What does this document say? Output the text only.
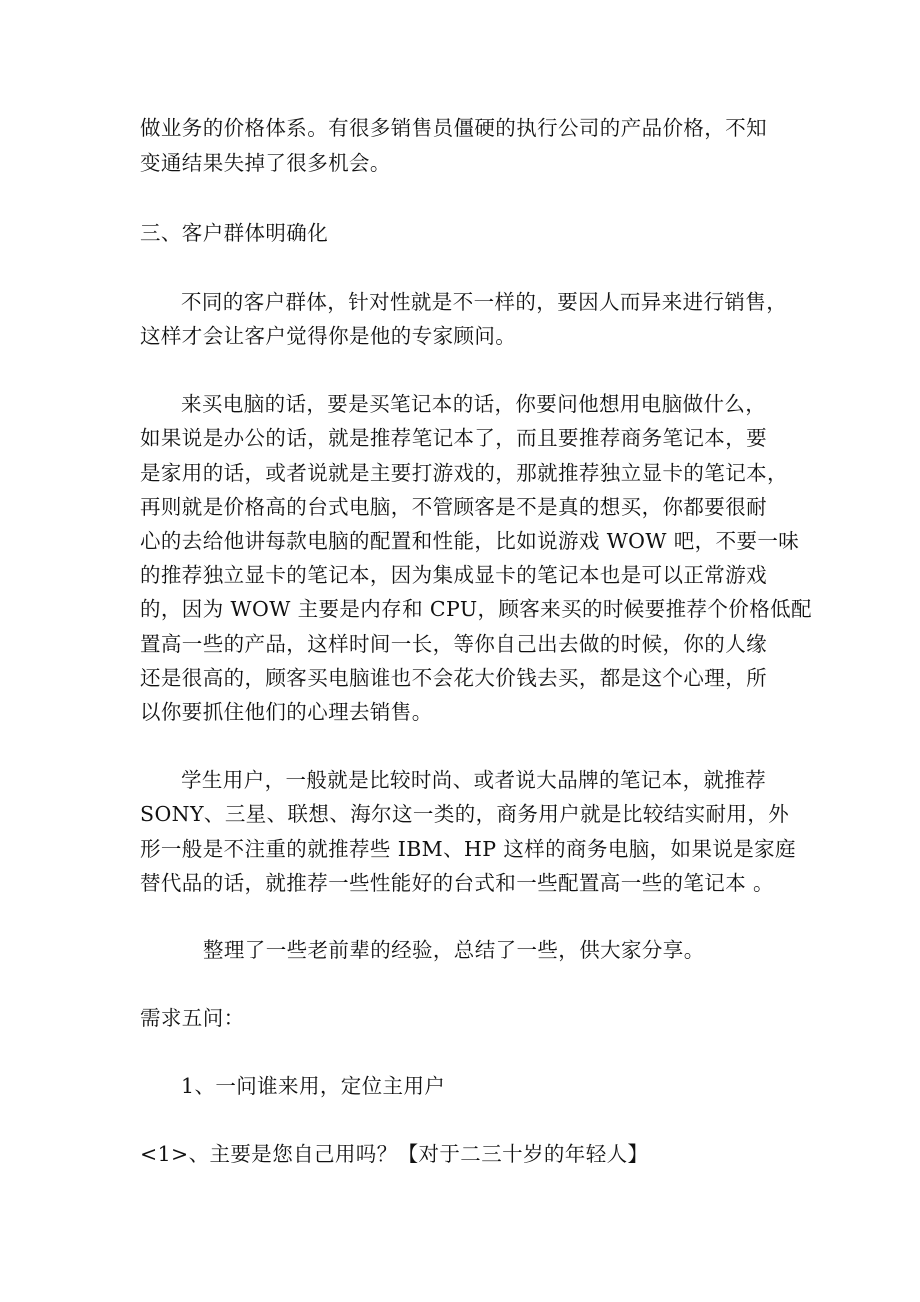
做业务的价格体系。有很多销售员僵硬的执行公司的产品价格，不知
变通结果失掉了很多机会。
三、客户群体明确化
不同的客户群体，针对性就是不一样的，要因人而异来进行销售，
这样才会让客户觉得你是他的专家顾问。
来买电脑的话，要是买笔记本的话，你要问他想用电脑做什么，
如果说是办公的话，就是推荐笔记本了，而且要推荐商务笔记本，要
是家用的话，或者说就是主要打游戏的，那就推荐独立显卡的笔记本，
再则就是价格高的台式电脑，不管顾客是不是真的想买，你都要很耐
心的去给他讲每款电脑的配置和性能，比如说游戏 WOW 吧，不要一味
的推荐独立显卡的笔记本，因为集成显卡的笔记本也是可以正常游戏
的，因为 WOW 主要是内存和 CPU，顾客来买的时候要推荐个价格低配
置高一些的产品，这样时间一长，等你自己出去做的时候，你的人缘
还是很高的，顾客买电脑谁也不会花大价钱去买，都是这个心理，所
以你要抓住他们的心理去销售。
学生用户，一般就是比较时尚、或者说大品牌的笔记本，就推荐
SONY、三星、联想、海尔这一类的，商务用户就是比较结实耐用，外
形一般是不注重的就推荐些 IBM、HP 这样的商务电脑，如果说是家庭
替代品的话，就推荐一些性能好的台式和一些配置高一些的笔记本 。
整理了一些老前辈的经验，总结了一些，供大家分享。
需求五问：
1、一问谁来用，定位主用户
<1>、主要是您自己用吗？【对于二三十岁的年轻人】
